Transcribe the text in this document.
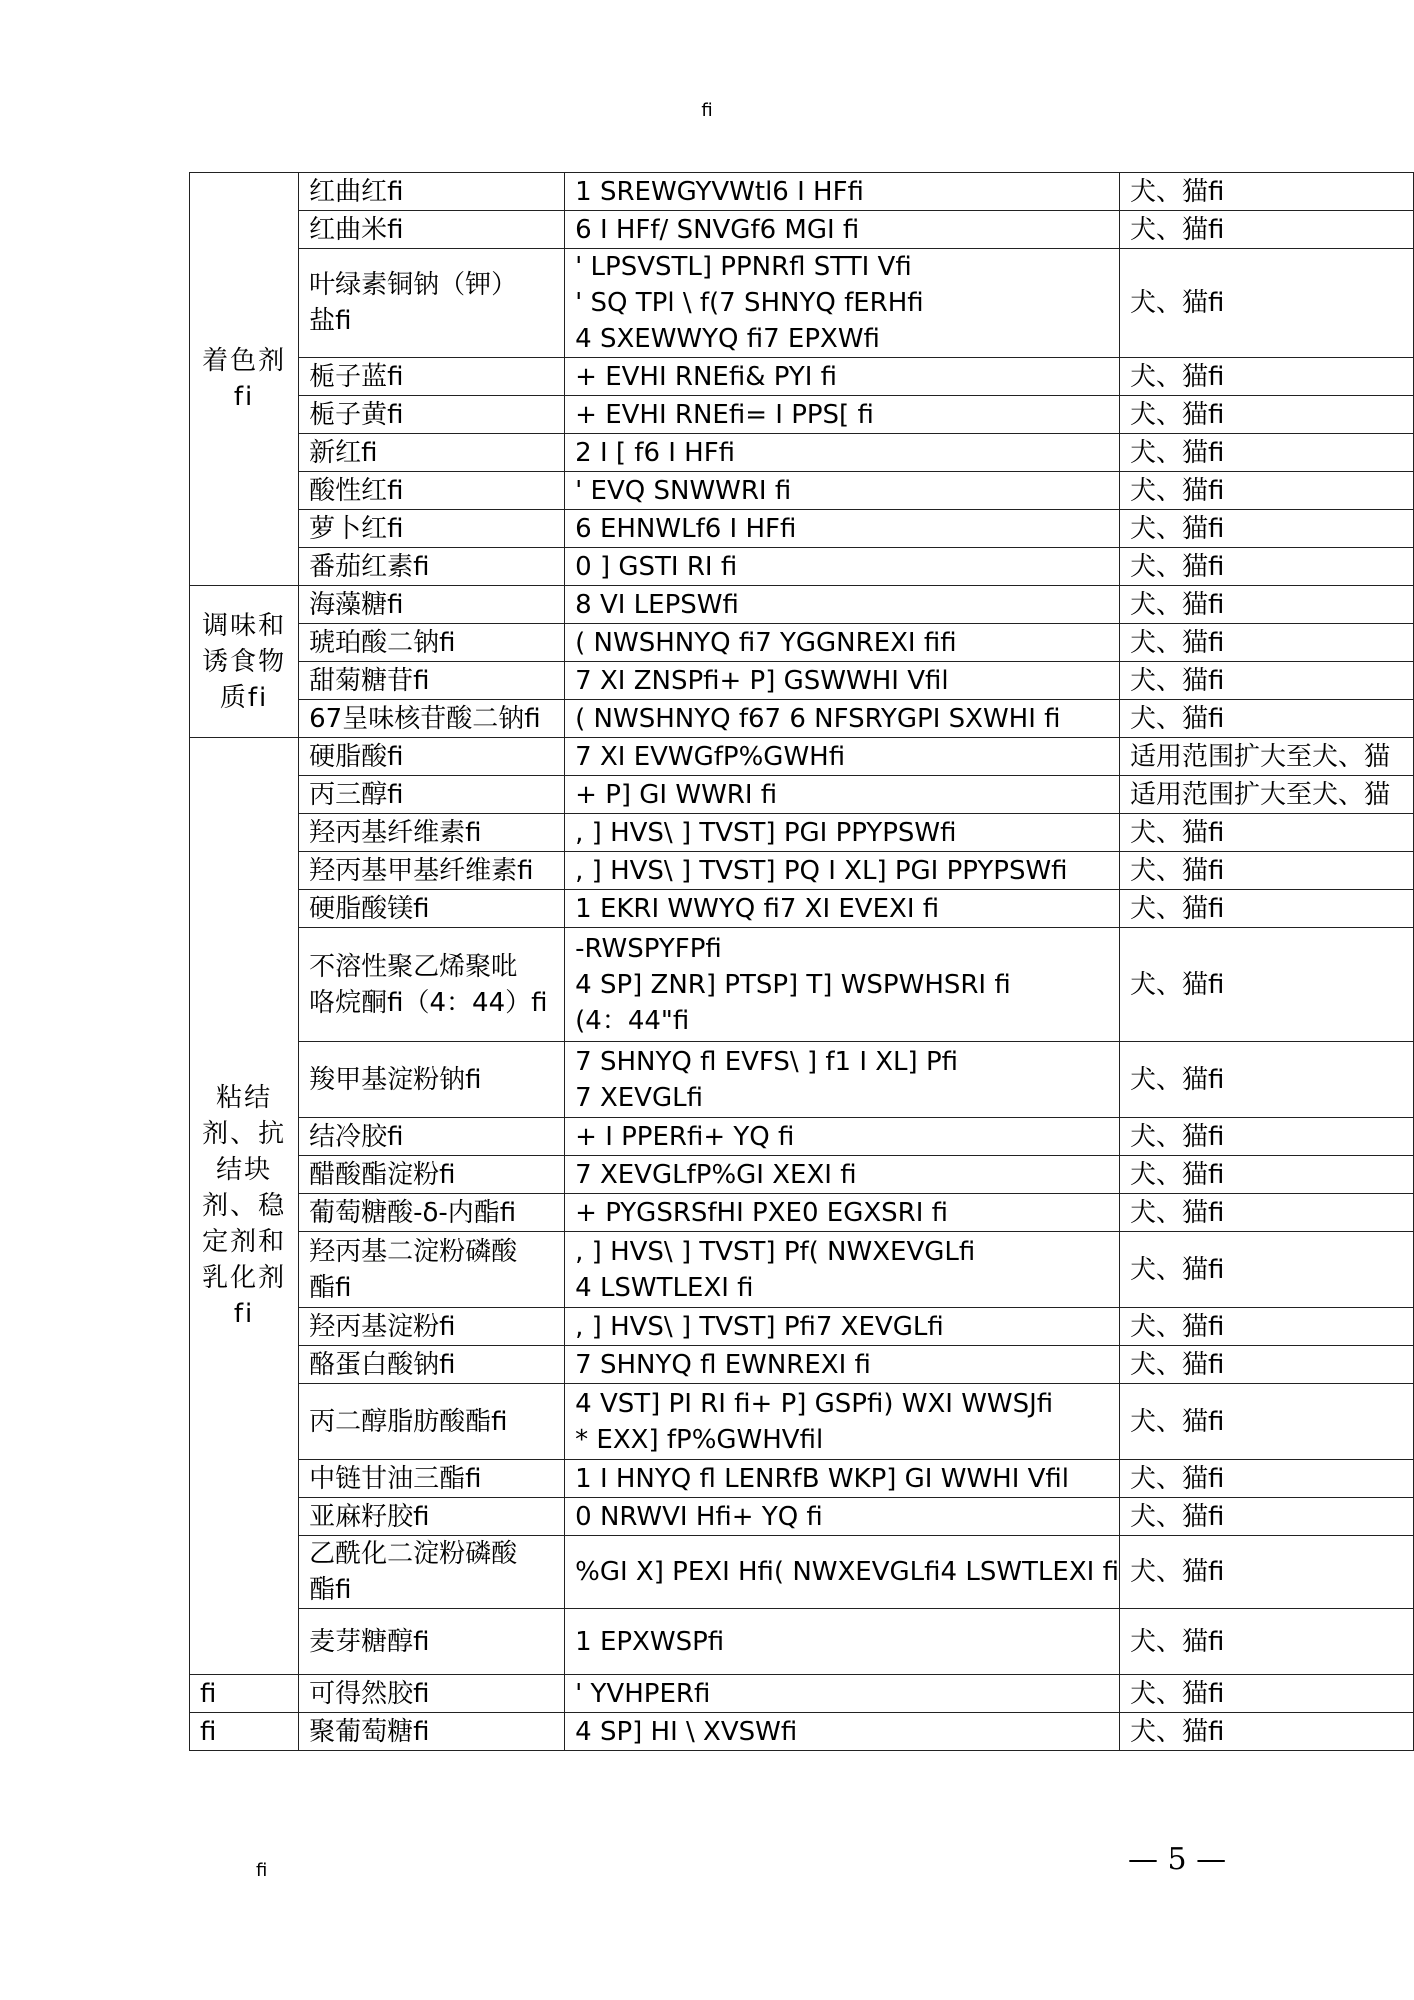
fi
着色剂fi	红曲红fi	1 SREWGYVWtl6 I HFfi	犬、猫fi

	红曲米fi	6 I HFf/ SNVGf6 MGI fi	犬、猫fi

	叶绿素铜钠（钾）
盐fi	' LPSVSTL] PPNRfl STTI Vfi
' SQ TPl \ f(7 SHNYQ fERHfi
4 SXEWWYQ fi7 EPXWfi	犬、猫fi

	栀子蓝fi	+ EVHI RNEfi& PYI fi	犬、猫fi

	栀子黄fi	+ EVHI RNEfi= I PPS[ fi	犬、猫fi

	新红fi	2 I [ f6 I HFfi	犬、猫fi

	酸性红fi	' EVQ SNWWRI fi	犬、猫fi

	萝卜红fi	6 EHNWLf6 I HFfi	犬、猫fi

	番茄红素fi	0 ] GSTI RI fi	犬、猫fi
调味和诱食物质fi	海藻糖fi	8 VI LEPSWfi	犬、猫fi

	琥珀酸二钠fi	( NWSHNYQ fi7 YGGNREXI fifi	犬、猫fi

	甜菊糖苷fi	7 XI ZNSPfi+ P] GSWWHI Vfil	犬、猫fi

	67呈味核苷酸二钠fi	( NWSHNYQ f67 6 NFSRYGPI SXWHI fi	犬、猫fi
粘结剂、抗结块剂、稳定剂和乳化剂fi	硬脂酸fi	7 XI EVWGfP%GWHfi	适用范围扩大至犬、猫

	丙三醇fi	+ P] GI WWRI fi	适用范围扩大至犬、猫

	羟丙基纤维素fi	, ] HVS\ ] TVST] PGI PPYPSWfi	犬、猫fi

	羟丙基甲基纤维素fi	, ] HVS\ ] TVST] PQ I XL] PGI PPYPSWfi	犬、猫fi

	硬脂酸镁fi	1 EKRI WWYQ fi7 XI EVEXI fi	犬、猫fi

	不溶性聚乙烯聚吡
咯烷酮fi（4：44）fi	-RWSPYFPfi
4 SP] ZNR] PTSP] T] WSPWHSRI fi
(4：44"fi	犬、猫fi

	羧甲基淀粉钠fi	7 SHNYQ fl EVFS\ ] f1 I XL] Pfi
7 XEVGLfi	犬、猫fi

	结冷胶fi	+ I PPERfi+ YQ fi	犬、猫fi

	醋酸酯淀粉fi	7 XEVGLfP%GI XEXI fi	犬、猫fi

	葡萄糖酸-δ-内酯fi	+ PYGSRSfHI PXE0 EGXSRI fi	犬、猫fi

	羟丙基二淀粉磷酸
酯fi	, ] HVS\ ] TVST] Pf( NWXEVGLfi
4 LSWTLEXI fi	犬、猫fi

	羟丙基淀粉fi	, ] HVS\ ] TVST] Pfi7 XEVGLfi	犬、猫fi

	酪蛋白酸钠fi	7 SHNYQ fl EWNREXI fi	犬、猫fi

	丙二醇脂肪酸酯fi	4 VST] PI RI fi+ P] GSPfi) WXI WWSJfi
* EXX] fP%GWHVfil	犬、猫fi

	中链甘油三酯fi	1 I HNYQ fl LENRfB WKP] GI WWHI Vfil	犬、猫fi

	亚麻籽胶fi	0 NRWVI Hfi+ YQ fi	犬、猫fi

	乙酰化二淀粉磷酸
酯fi	%GI X] PEXI Hfi( NWXEVGLfi4 LSWTLEXI fi	犬、猫fi

	麦芽糖醇fi	1 EPXWSPfi	犬、猫fi
fi	可得然胶fi	' YVHPERfi	犬、猫fi
fi	聚葡萄糖fi	4 SP] HI \ XVSWfi	犬、猫fi
fi	— 5 —
